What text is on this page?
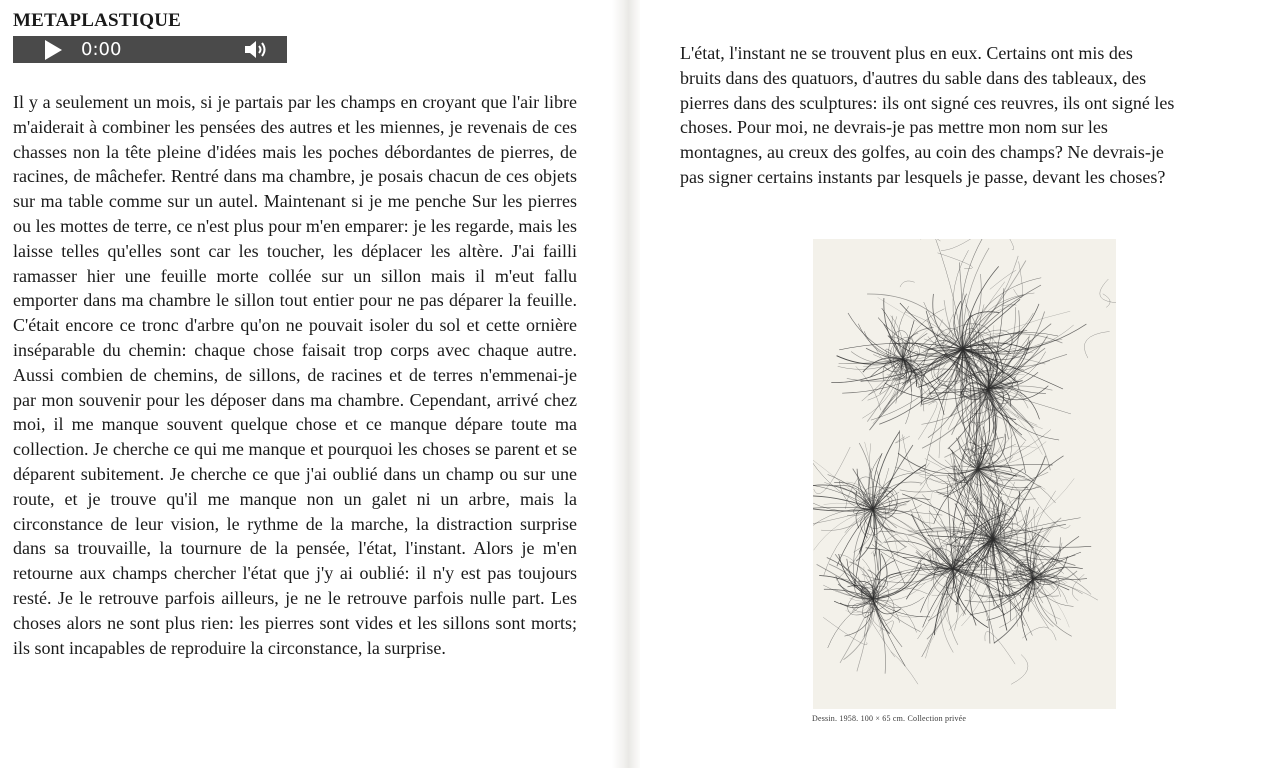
METAPLASTIQUE
0:00

Il y a seulement un mois, si je partais par les champs en croyant que l'air libre m'aiderait à combiner les pensées des autres et les miennes, je revenais de ces chasses non la tête pleine d'idées mais les poches débordantes de pierres, de racines, de mâchefer. Rentré dans ma chambre, je posais chacun de ces objets sur ma table comme sur un autel. Maintenant si je me penche Sur les pierres ou les mottes de terre, ce n'est plus pour m'en emparer: je les regarde, mais les laisse telles qu'elles sont car les toucher, les déplacer les altère. J'ai failli ramasser hier une feuille morte collée sur un sillon mais il m'eut fallu emporter dans ma chambre le sillon tout entier pour ne pas déparer la feuille. C'était encore ce tronc d'arbre qu'on ne pouvait isoler du sol et cette ornière inséparable du chemin: chaque chose faisait trop corps avec chaque autre. Aussi combien de chemins, de sillons, de racines et de terres n'emmenai-je par mon souvenir pour les déposer dans ma chambre. Cependant, arrivé chez moi, il me manque souvent quelque chose et ce manque dépare toute ma collection. Je cherche ce qui me manque et pourquoi les choses se parent et se déparent subitement. Je cherche ce que j'ai oublié dans un champ ou sur une route, et je trouve qu'il me manque non un galet ni un arbre, mais la circonstance de leur vision, le rythme de la marche, la distraction surprise dans sa trouvaille, la tournure de la pensée, l'état, l'instant. Alors je m'en retourne aux champs chercher l'état que j'y ai oublié: il n'y est pas toujours resté. Je le retrouve parfois ailleurs, je ne le retrouve parfois nulle part. Les choses alors ne sont plus rien: les pierres sont vides et les sillons sont morts; ils sont incapables de reproduire la circonstance, la surprise.

L'état, l'instant ne se trouvent plus en eux. Certains ont mis des
bruits dans des quatuors, d'autres du sable dans des tableaux, des
pierres dans des sculptures: ils ont signé ces reuvres, ils ont signé les
choses. Pour moi, ne devrais-je pas mettre mon nom sur les
montagnes, au creux des golfes, au coin des champs? Ne devrais-je
pas signer certains instants par lesquels je passe, devant les choses?

Dessin. 1958. 100 × 65 cm. Collection privée
